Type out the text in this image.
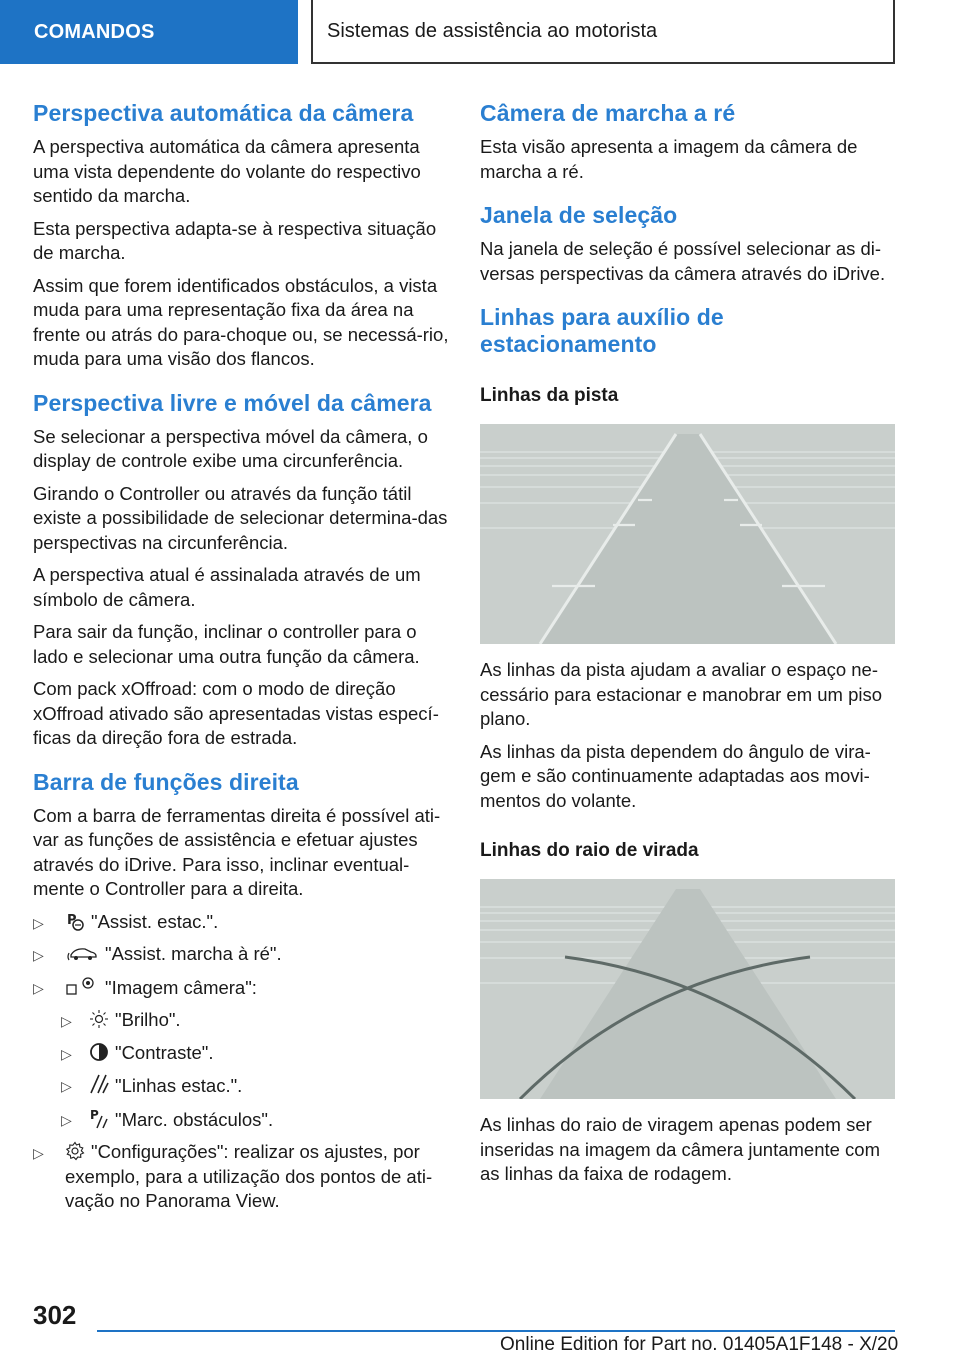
COMANDOS	Sistemas de assistência ao motorista
Perspectiva automática da câmera

A perspectiva automática da câmera apresenta uma vista dependente do volante do respectivo sentido da marcha.

Esta perspectiva adapta-se à respectiva situação de marcha.

Assim que forem identificados obstáculos, a vista muda para uma representação fixa da área na frente ou atrás do para-choque ou, se necessá-rio, muda para uma visão dos flancos.

Perspectiva livre e móvel da câmera

Se selecionar a perspectiva móvel da câmera, o display de controle exibe uma circunferência.

Girando o Controller ou através da função tátil existe a possibilidade de selecionar determina-das perspectivas na circunferência.

A perspectiva atual é assinalada através de um símbolo de câmera.

Para sair da função, inclinar o controller para o lado e selecionar uma outra função da câmera.

Com pack xOffroad: com o modo de direção xOffroad ativado são apresentadas vistas especí-ficas da direção fora de estrada.

Barra de funções direita

Com a barra de ferramentas direita é possível ati-var as funções de assistência e efetuar ajustes através do iDrive. Para isso, inclinar eventual-mente o Controller para a direita.

▷ P "Assist. estac.".
▷	"Assist. marcha à ré".
▷	"Imagem câmera":
▷ "Brilho".
▷ "Contraste".
▷ "Linhas estac.".
▷ P "Marc. obstáculos".
▷	"Configurações": realizar os ajustes, por exemplo, para a utilização dos pontos de ati-vação no Panorama View.
Câmera de marcha a ré

Esta visão apresenta a imagem da câmera de marcha a ré.

Janela de seleção

Na janela de seleção é possível selecionar as di-versas perspectivas da câmera através do iDrive.

Linhas para auxílio de estacionamento
Linhas da pista

As linhas da pista ajudam a avaliar o espaço ne-cessário para estacionar e manobrar em um piso plano.

As linhas da pista dependem do ângulo de vira-gem e são continuamente adaptadas aos movi-mentos do volante.

Linhas do raio de virada

As linhas do raio de viragem apenas podem ser inseridas na imagem da câmera juntamente com as linhas da faixa de rodagem.

302
Online Edition for Part no. 01405A1F148 - X/20
